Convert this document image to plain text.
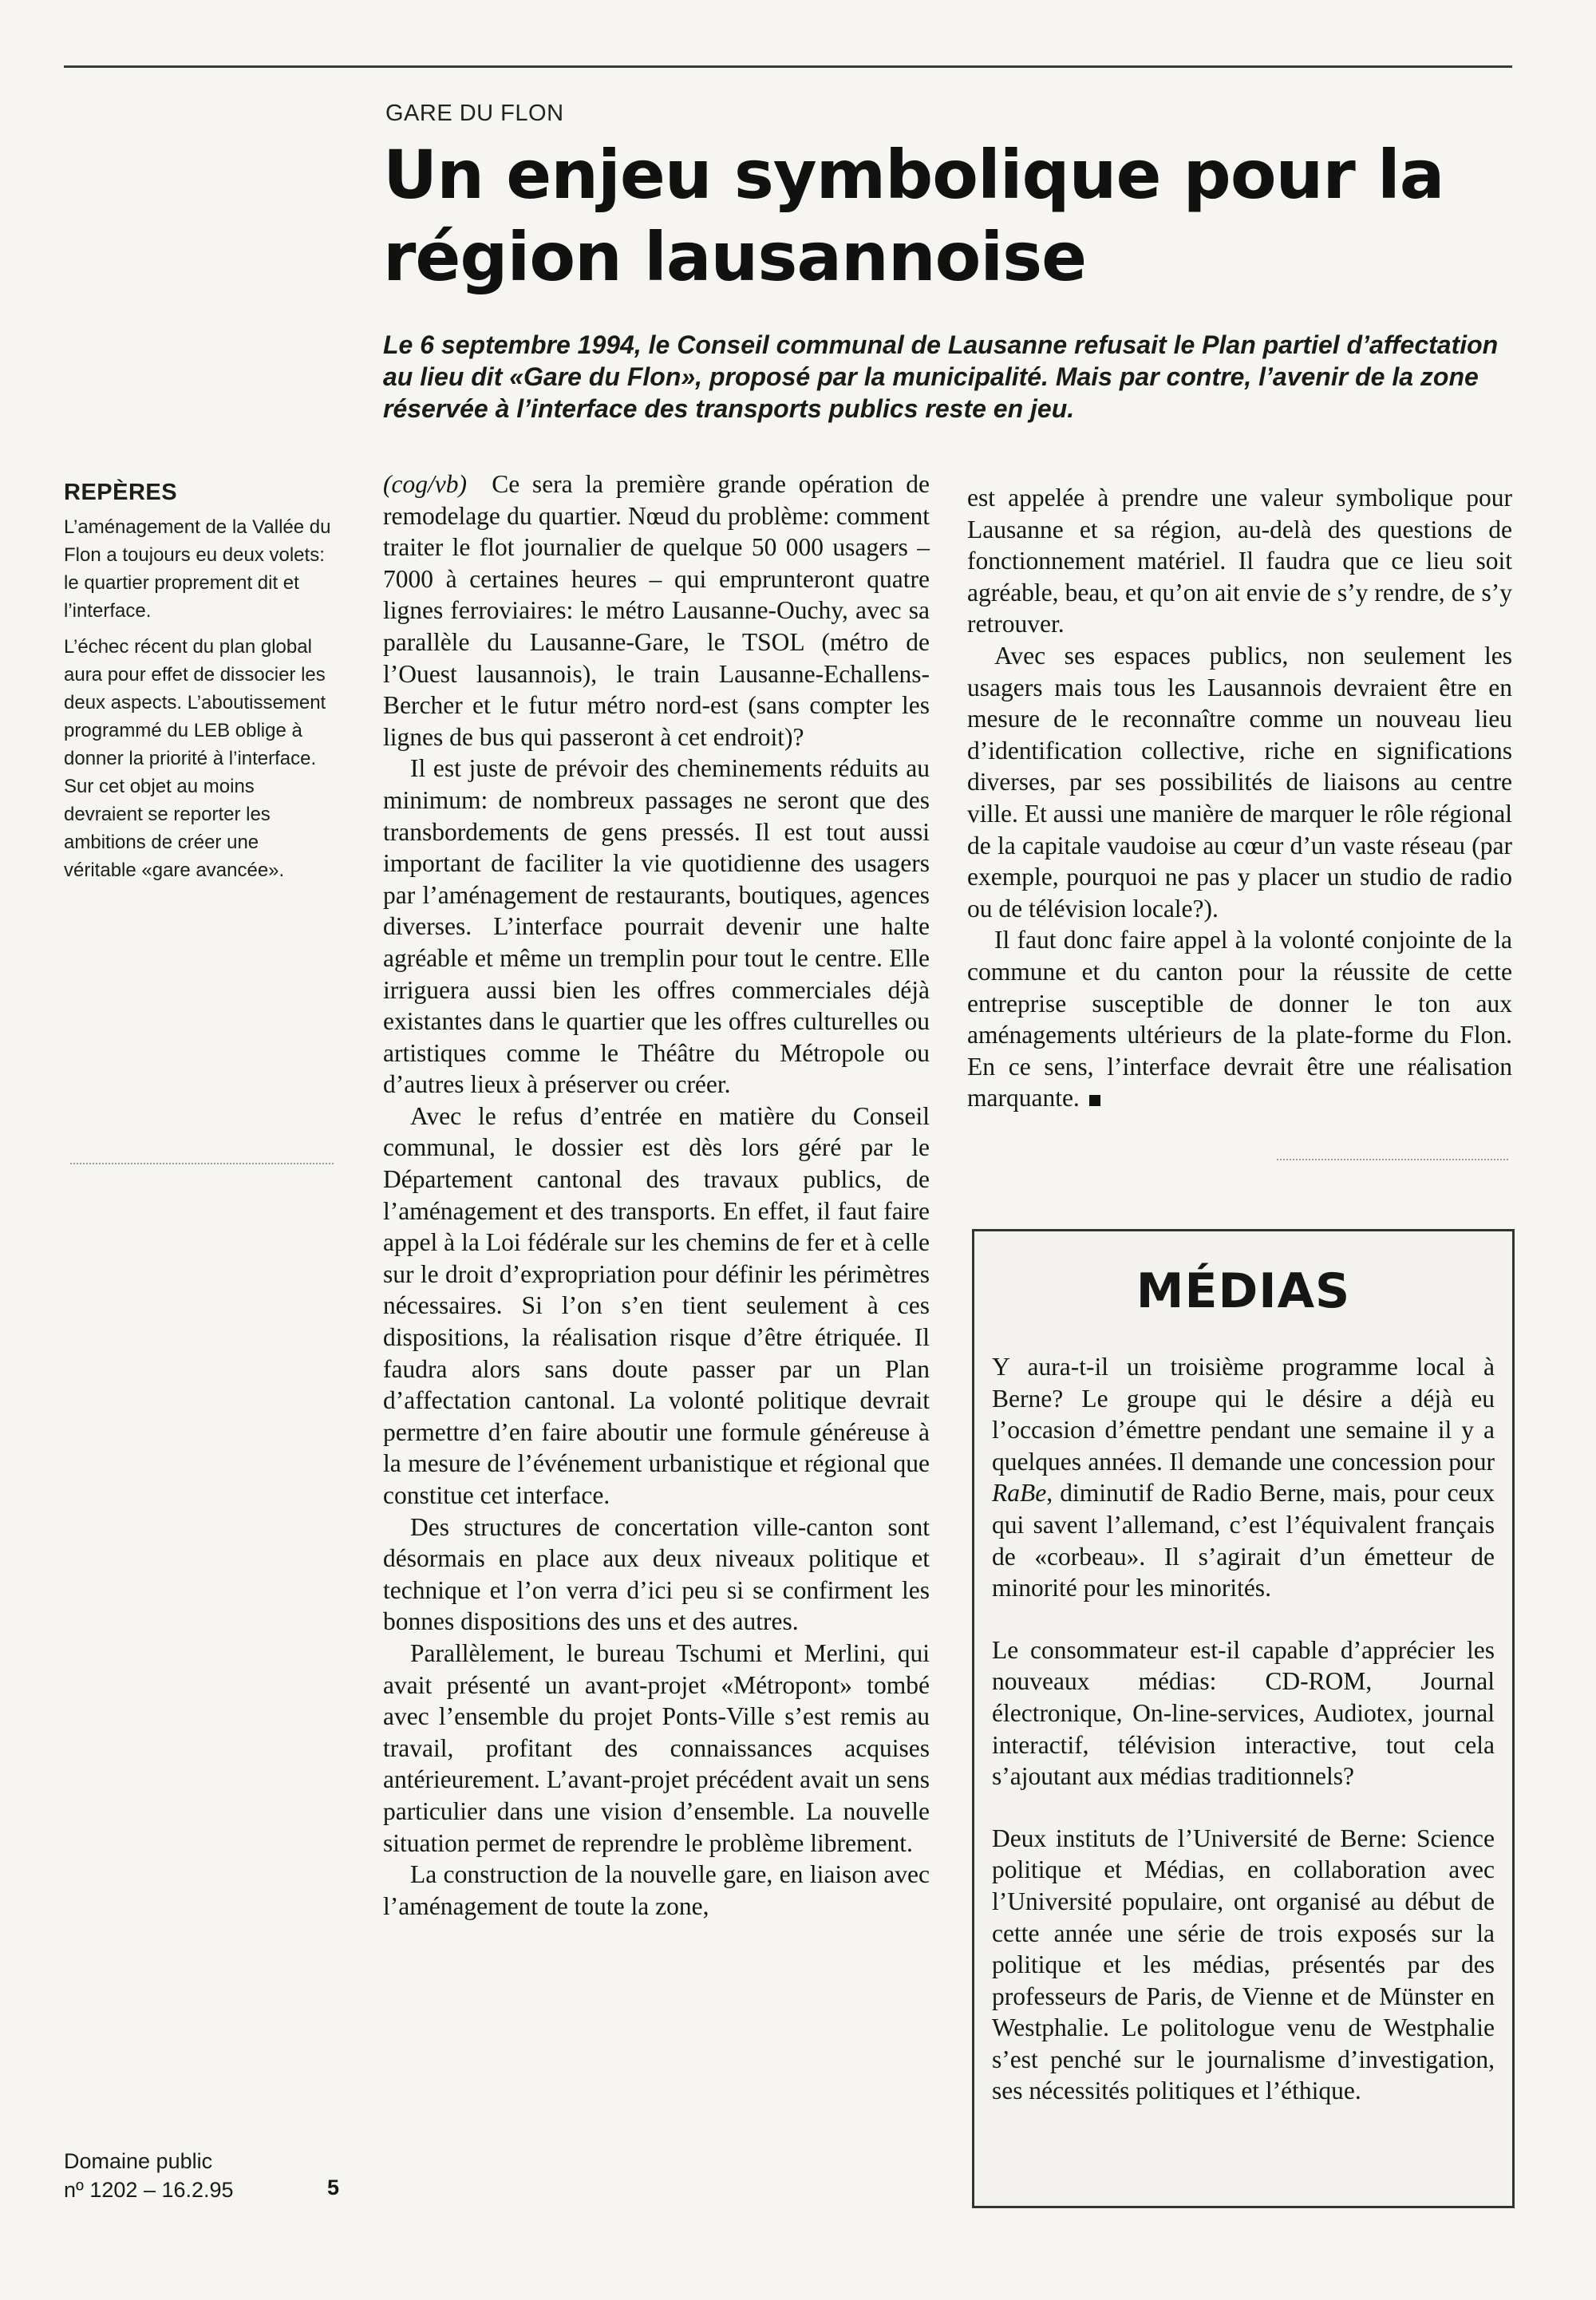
GARE DU FLON
Un enjeu symbolique pour la région lausannoise

Le 6 septembre 1994, le Conseil communal de Lausanne refusait le Plan partiel d’affectation au lieu dit «Gare du Flon», proposé par la municipalité. Mais par contre, l’avenir de la zone réservée à l’interface des transports publics reste en jeu.

REPÈRES

L’aménagement de la Vallée du Flon a toujours eu deux volets: le quartier proprement dit et l’interface.

L’échec récent du plan global aura pour effet de dissocier les deux aspects. L’aboutissement programmé du LEB oblige à donner la priorité à l’interface.

Sur cet objet au moins devraient se reporter les ambitions de créer une véritable «gare avancée».

(cog/vb) Ce sera la première grande opération de remodelage du quartier. Nœud du problème: comment traiter le flot journalier de quelque 50 000 usagers – 7000 à certaines heures – qui emprunteront quatre lignes ferroviaires: le métro Lausanne-Ouchy, avec sa parallèle du Lausanne-Gare, le TSOL (métro de l’Ouest lausannois), le train Lausanne-Echallens-Bercher et le futur métro nord-est (sans compter les lignes de bus qui passeront à cet endroit)?

Il est juste de prévoir des cheminements réduits au minimum: de nombreux passages ne seront que des transbordements de gens pressés. Il est tout aussi important de faciliter la vie quotidienne des usagers par l’aménagement de restaurants, boutiques, agences diverses. L’interface pourrait devenir une halte agréable et même un tremplin pour tout le centre. Elle irriguera aussi bien les offres commerciales déjà existantes dans le quartier que les offres culturelles ou artistiques comme le Théâtre du Métropole ou d’autres lieux à préserver ou créer.

Avec le refus d’entrée en matière du Conseil communal, le dossier est dès lors géré par le Département cantonal des travaux publics, de l’aménagement et des transports. En effet, il faut faire appel à la Loi fédérale sur les chemins de fer et à celle sur le droit d’expropriation pour définir les périmètres nécessaires. Si l’on s’en tient seulement à ces dispositions, la réalisation risque d’être étriquée. Il faudra alors sans doute passer par un Plan d’affectation cantonal. La volonté politique devrait permettre d’en faire aboutir une formule généreuse à la mesure de l’événement urbanistique et régional que constitue cet interface.

Des structures de concertation ville-canton sont désormais en place aux deux niveaux politique et technique et l’on verra d’ici peu si se confirment les bonnes dispositions des uns et des autres.

Parallèlement, le bureau Tschumi et Merlini, qui avait présenté un avant-projet «Métropont» tombé avec l’ensemble du projet Ponts-Ville s’est remis au travail, profitant des connaissances acquises antérieurement. L’avant-projet précédent avait un sens particulier dans une vision d’ensemble. La nouvelle situation permet de reprendre le problème librement.

La construction de la nouvelle gare, en liaison avec l’aménagement de toute la zone,

est appelée à prendre une valeur symbolique pour Lausanne et sa région, au-delà des questions de fonctionnement matériel. Il faudra que ce lieu soit agréable, beau, et qu’on ait envie de s’y rendre, de s’y retrouver.

Avec ses espaces publics, non seulement les usagers mais tous les Lausannois devraient être en mesure de le reconnaître comme un nouveau lieu d’identification collective, riche en significations diverses, par ses possibilités de liaisons au centre ville. Et aussi une manière de marquer le rôle régional de la capitale vaudoise au cœur d’un vaste réseau (par exemple, pourquoi ne pas y placer un studio de radio ou de télévision locale?).

Il faut donc faire appel à la volonté conjointe de la commune et du canton pour la réussite de cette entreprise susceptible de donner le ton aux aménagements ultérieurs de la plate-forme du Flon. En ce sens, l’interface devrait être une réalisation marquante.

MÉDIAS

Y aura-t-il un troisième programme local à Berne? Le groupe qui le désire a déjà eu l’occasion d’émettre pendant une semaine il y a quelques années. Il demande une concession pour RaBe, diminutif de Radio Berne, mais, pour ceux qui savent l’allemand, c’est l’équivalent français de «corbeau». Il s’agirait d’un émetteur de minorité pour les minorités.

Le consommateur est-il capable d’apprécier les nouveaux médias: CD-ROM, Journal électronique, On-line-services, Audiotex, journal interactif, télévision interactive, tout cela s’ajoutant aux médias traditionnels?

Deux instituts de l’Université de Berne: Science politique et Médias, en collaboration avec l’Université populaire, ont organisé au début de cette année une série de trois exposés sur la politique et les médias, présentés par des professeurs de Paris, de Vienne et de Münster en Westphalie. Le politologue venu de Westphalie s’est penché sur le journalisme d’investigation, ses nécessités politiques et l’éthique.

Domaine public
nº 1202 – 16.2.95	5
